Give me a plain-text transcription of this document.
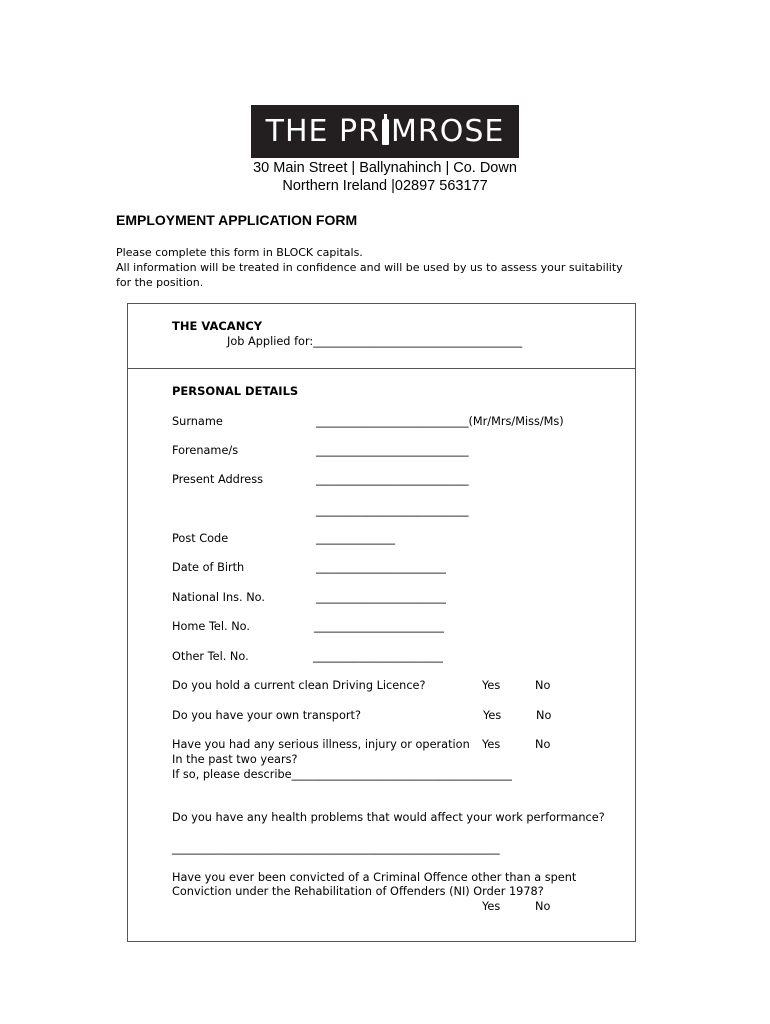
THE PR MROSE
30 Main Street | Ballynahinch | Co. Down
Northern Ireland |02897 563177
EMPLOYMENT APPLICATION FORM
Please complete this form in BLOCK capitals.
All information will be treated in confidence and will be used by us to assess your suitability
for the position.
THE VACANCY
Job Applied for:_____________________________________
PERSONAL DETAILS
Surname	___________________________(Mr/Mrs/Miss/Ms)
Forename/s	___________________________
Present Address	___________________________
___________________________
Post Code	______________
Date of Birth	_______________________
National Ins. No.	_______________________
Home Tel. No.	_______________________
Other Tel. No.	_______________________
Do you hold a current clean Driving Licence?	Yes	No
Do you have your own transport?	Yes	No
Have you had any serious illness, injury or operation Yes	No
In the past two years?
If so, please describe_______________________________________
Do you have any health problems that would affect your work performance?
__________________________________________________________
Have you ever been convicted of a Criminal Offence other than a spent
Conviction under the Rehabilitation of Offenders (NI) Order 1978?
Yes	No
